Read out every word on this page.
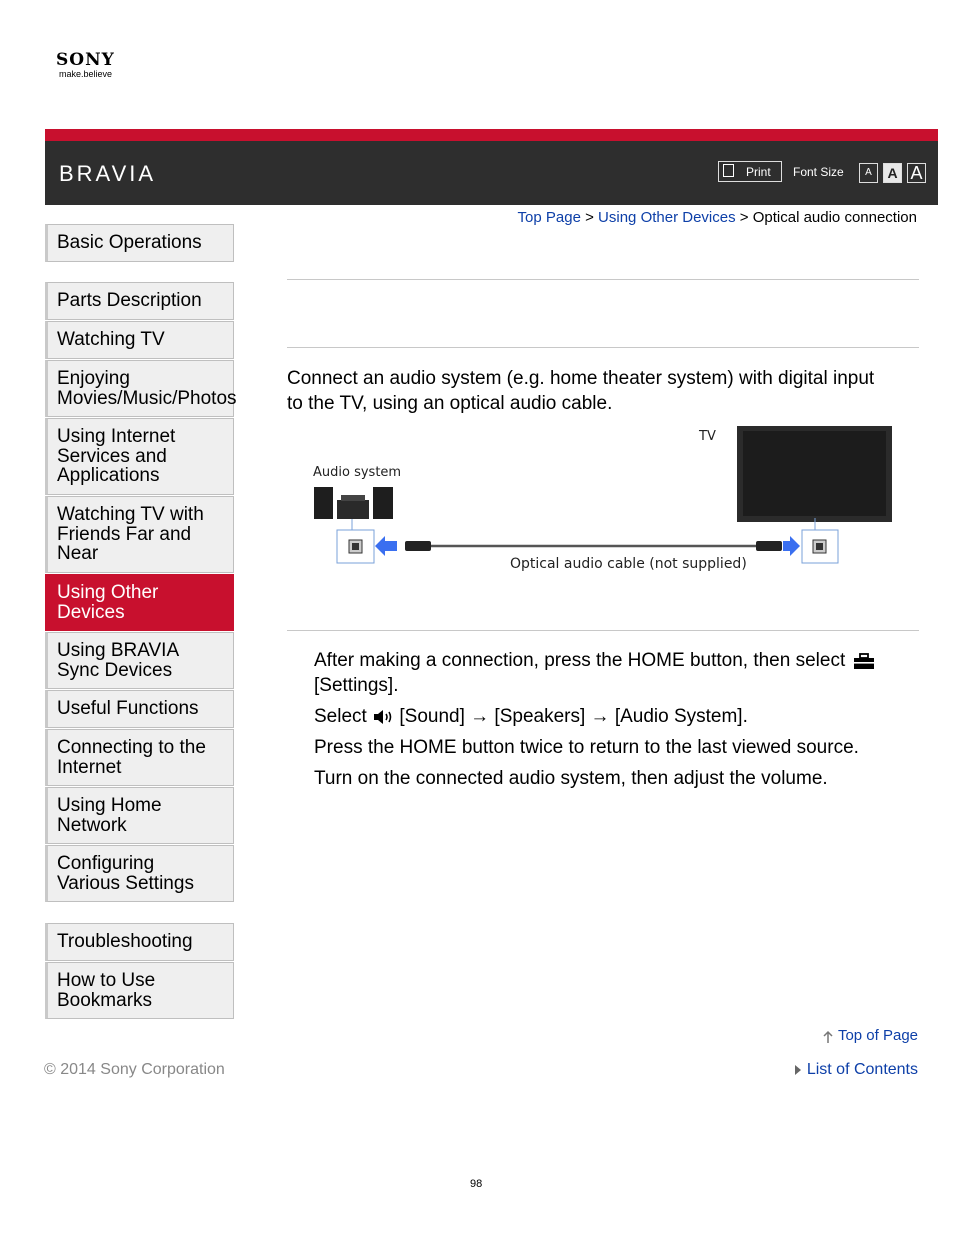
SONY
make.believe
BRAVIA	Print Font Size	A	A A
Top Page > Using Other Devices > Optical audio connection
Basic Operations
Parts Description
Watching TV
Enjoying
Movies/Music/Photos
Using Internet
Services and
Applications
Watching TV with
Friends Far and
Near
Using Other
Devices
Using BRAVIA
Sync Devices
Useful Functions
Connecting to the
Internet
Using Home
Network
Configuring
Various Settings
Troubleshooting
How to Use
Bookmarks
Connect an audio system (e.g. home theater system) with digital input
to the TV, using an optical audio cable.
TV
Audio system
Optical audio cable (not supplied)
After making a connection, press the HOME button, then select
[Settings].
Select [Sound] → [Speakers] → [Audio System].
Press the HOME button twice to return to the last viewed source.
Turn on the connected audio system, then adjust the volume.
Top of Page
© 2014 Sony Corporation	List of Contents
98
